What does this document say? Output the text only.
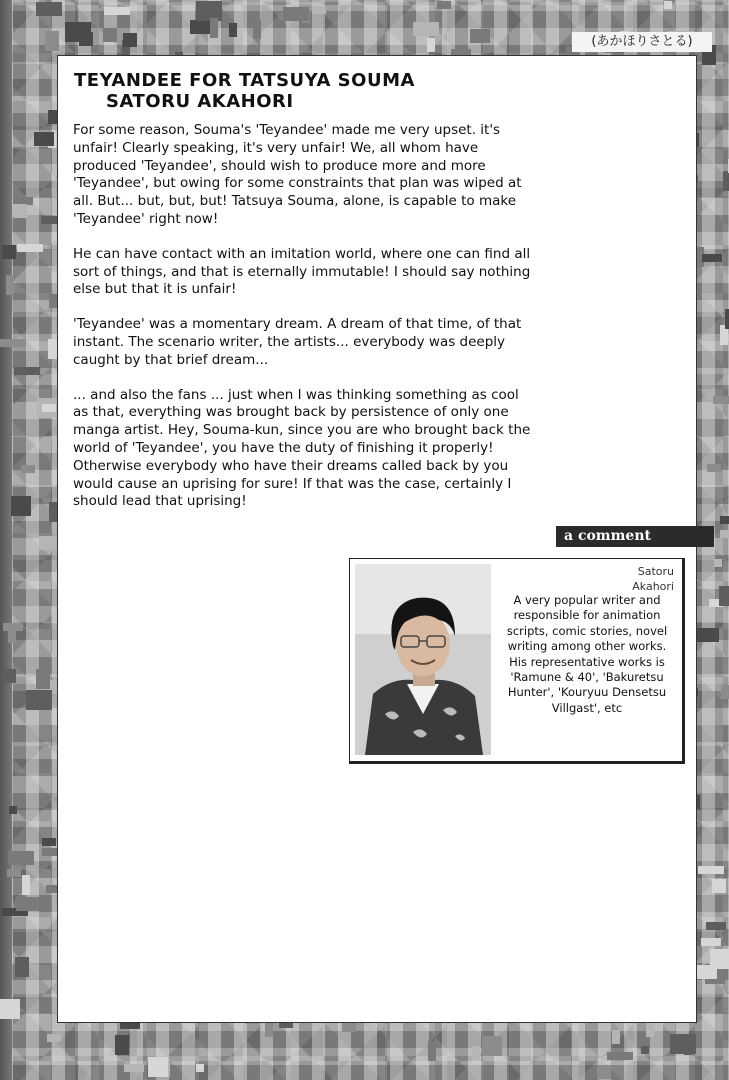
(あかほりさとる)
TEYANDEE FOR TATSUYA SOUMA
SATORU AKAHORI

For some reason, Souma's 'Teyandee' made me very upset. it's unfair! Clearly speaking, it's very unfair! We, all whom have produced 'Teyandee', should wish to produce more and more 'Teyandee', but owing for some constraints that plan was wiped at all. But... but, but, but! Tatsuya Souma, alone, is capable to make 'Teyandee' right now!

He can have contact with an imitation world, where one can find all sort of things, and that is eternally immutable! I should say nothing else but that it is unfair!

'Teyandee' was a momentary dream. A dream of that time, of that instant. The scenario writer, the artists... everybody was deeply caught by that brief dream...

... and also the fans ... just when I was thinking something as cool as that, everything was brought back by persistence of only one manga artist. Hey, Souma-kun, since you are who brought back the world of 'Teyandee', you have the duty of finishing it properly! Otherwise everybody who have their dreams called back by you would cause an uprising for sure! If that was the case, certainly I should lead that uprising!

a comment
Satoru
Akahori
A very popular writer and responsible for animation scripts, comic stories, novel writing among other works. His representative works is 'Ramune & 40', 'Bakuretsu Hunter', 'Kouryuu Densetsu Villgast', etc
